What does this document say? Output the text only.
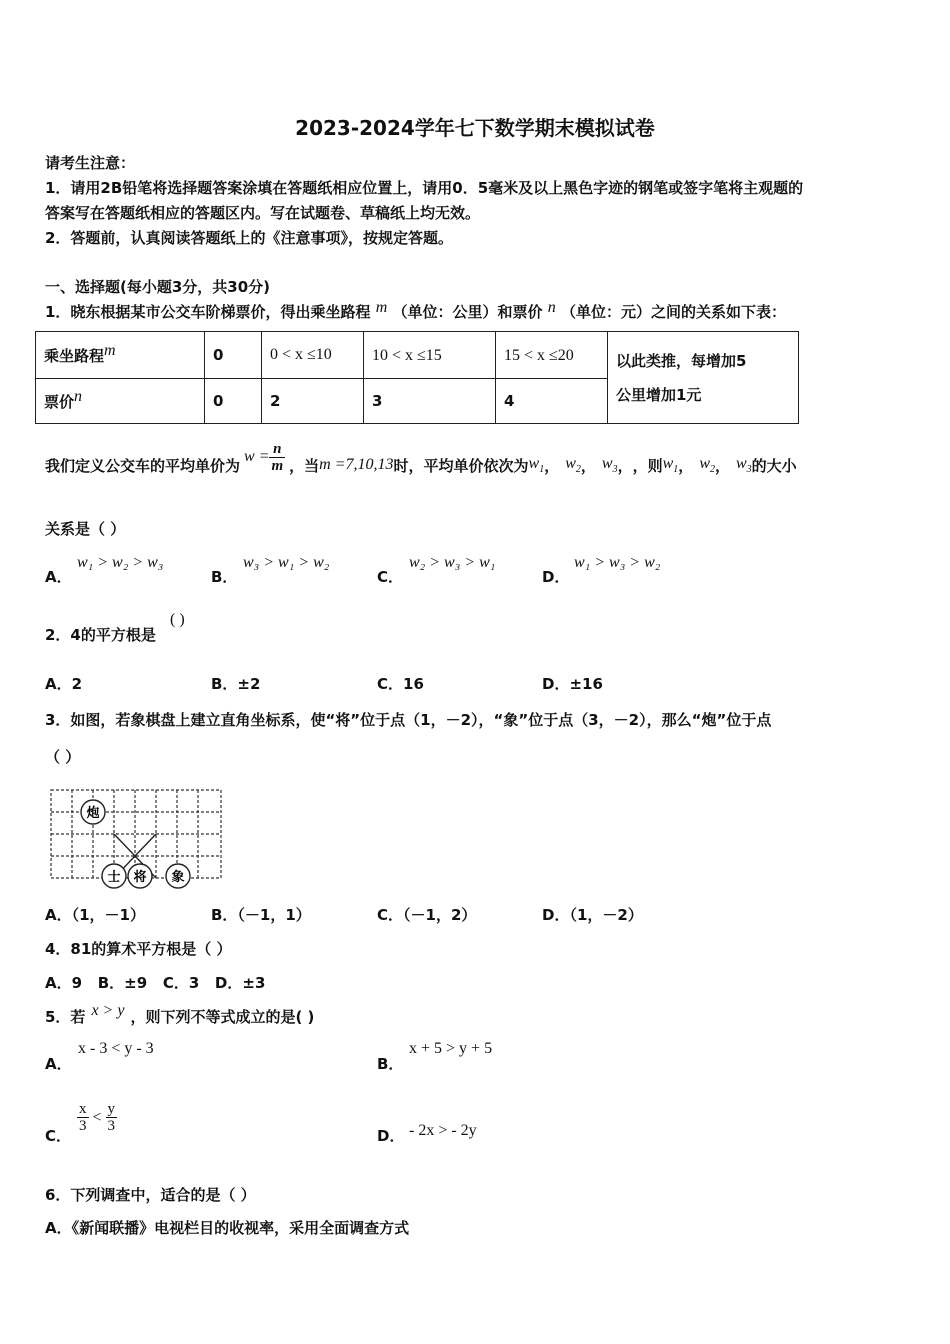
2023-2024学年七下数学期末模拟试卷
请考生注意：
1．请用2B铅笔将选择题答案涂填在答题纸相应位置上，请用0．5毫米及以上黑色字迹的钢笔或签字笔将主观题的
答案写在答题纸相应的答题区内。写在试题卷、草稿纸上均无效。
2．答题前，认真阅读答题纸上的《注意事项》，按规定答题。
一、选择题(每小题3分，共30分)
1．晓东根据某市公交车阶梯票价，得出乘坐路程 m （单位：公里）和票价 n （单位：元）之间的关系如下表：
乘坐路程m	0	0 < x ≤10	10 < x ≤15	15 < x ≤20	以此类推，每增加5
公里增加1元

票价n	0	2	3	4	
我们定义公交车的平均单价为 $w = \frac{n}{m}$ ，当 m =7,10,13 时，平均单价依次为 $w_1$ ， $w_2$ ， $w_3$ ， ，则 $w_1$ ， $w_2$ ， $w_3$ 的大小
关系是（ ）
A．
w₁ > w₂ > w₃
B．
w₃ > w₁ > w₂
C．
w₂ > w₃ > w₁
D．
w₁ > w₃ > w₂
2．4的平方根是
( )
A．2	B．±2	C．16	D．±16
3．如图，若象棋盘上建立直角坐标系，使“将”位于点（1，－2），“象”位于点（3，－2），那么“炮”位于点
（ ）
炮
士 将 象
A．（1，－1）	B．（－1，1）	C．（－1，2）	D．（1，－2）
4．81的算术平方根是（ ）
A．9   B．±9   C．3   D．±3
5．若 x > y ，则下列不等式成立的是( )
A．
x - 3 < y - 3
B．
x + 5 > y + 5
C．
$\frac{x}{3} < \frac{y}{3}$
D． - 2x > - 2y
6．下列调查中，适合的是（ ）
A．《新闻联播》电视栏目的收视率，采用全面调查方式
